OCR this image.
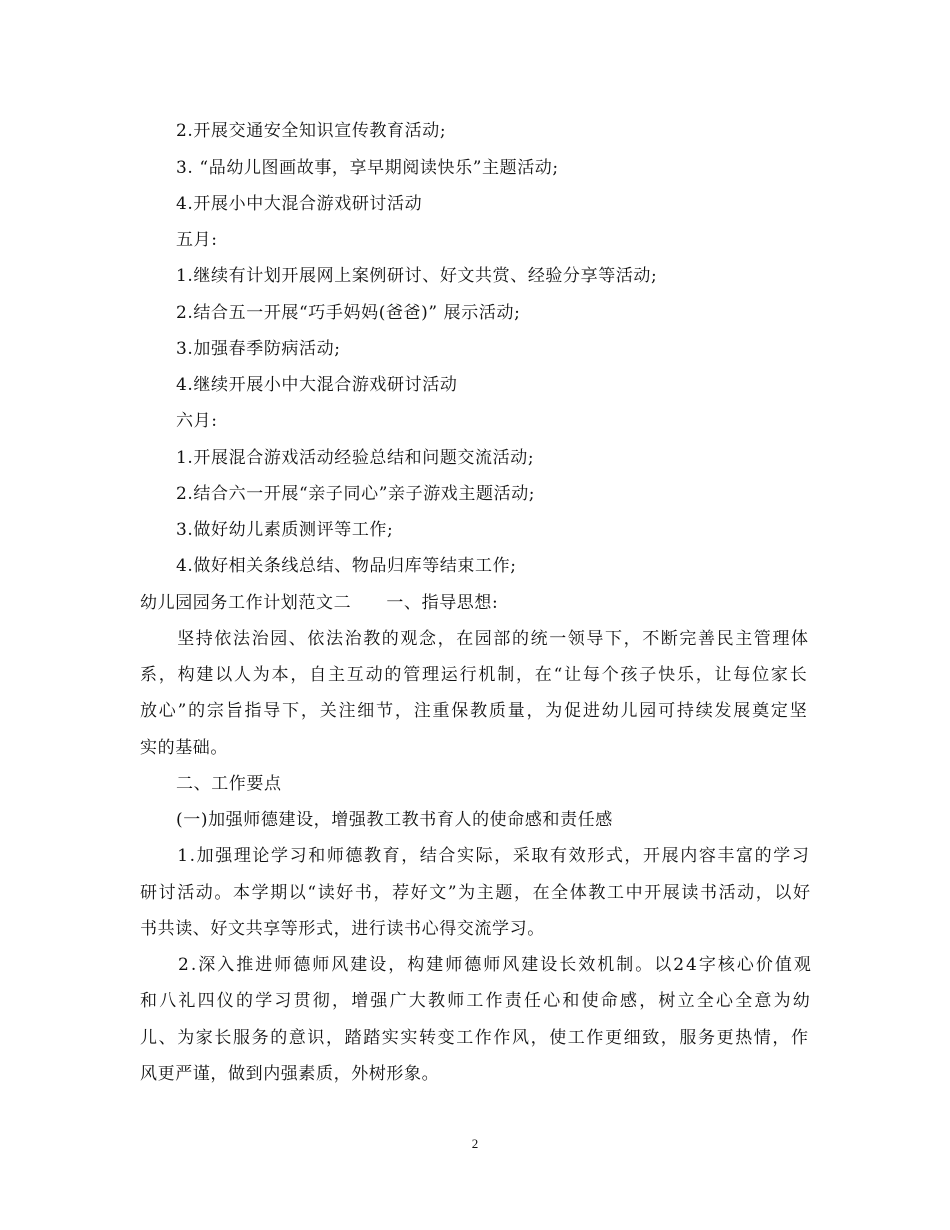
2.开展交通安全知识宣传教育活动;
3. “品幼儿图画故事，享早期阅读快乐”主题活动;
4.开展小中大混合游戏研讨活动
五月:
1.继续有计划开展网上案例研讨、好文共赏、经验分享等活动;
2.结合五一开展“巧手妈妈(爸爸)” 展示活动;
3.加强春季防病活动;
4.继续开展小中大混合游戏研讨活动
六月:
1.开展混合游戏活动经验总结和问题交流活动;
2.结合六一开展“亲子同心”亲子游戏主题活动;
3.做好幼儿素质测评等工作;
4.做好相关条线总结、物品归库等结束工作;
幼儿园园务工作计划范文二　　一、指导思想:
　　坚持依法治园、依法治教的观念，在园部的统一领导下，不断完善民主管理体
系，构建以人为本，自主互动的管理运行机制，在“让每个孩子快乐，让每位家长
放心”的宗旨指导下，关注细节，注重保教质量，为促进幼儿园可持续发展奠定坚
实的基础。
二、工作要点
(一)加强师德建设，增强教工教书育人的使命感和责任感
　　1.加强理论学习和师德教育，结合实际，采取有效形式，开展内容丰富的学习
研讨活动。本学期以“读好书，荐好文”为主题，在全体教工中开展读书活动，以好
书共读、好文共享等形式，进行读书心得交流学习。
　　2.深入推进师德师风建设，构建师德师风建设长效机制。以24字核心价值观
和八礼四仪的学习贯彻，增强广大教师工作责任心和使命感，树立全心全意为幼
儿、为家长服务的意识，踏踏实实转变工作作风，使工作更细致，服务更热情，作
风更严谨，做到内强素质，外树形象。
2
